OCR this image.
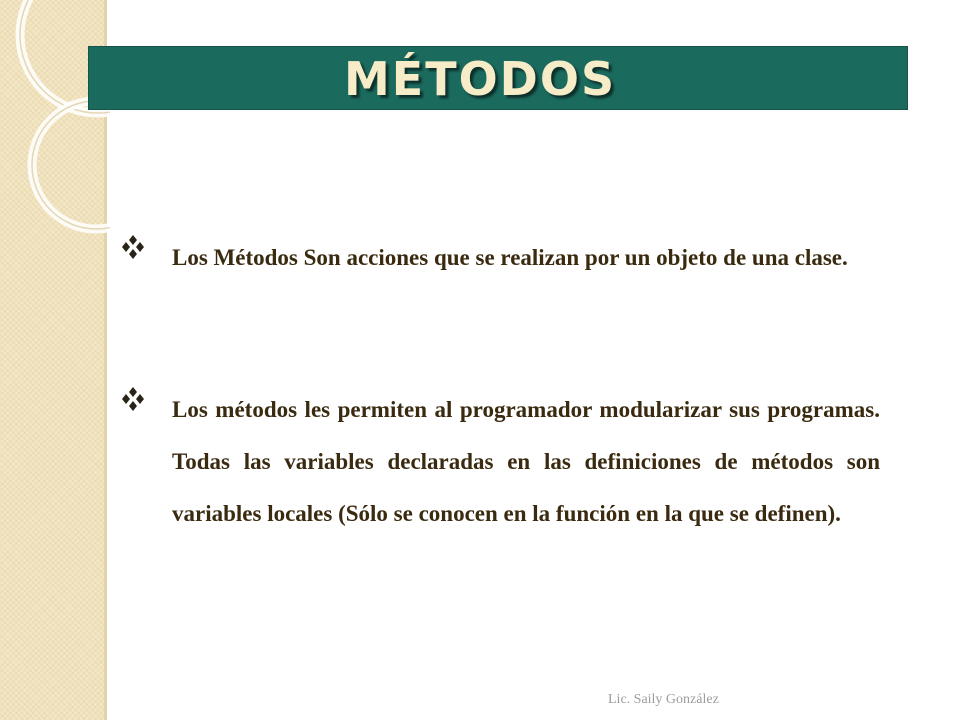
MÉTODOS

Los Métodos Son acciones que se realizan por un objeto de una clase.

Los métodos les permiten al programador modularizar sus programas. Todas las variables declaradas en las definiciones de métodos son variables locales (Sólo se conocen en la función en la que se definen).

Lic. Saily González
